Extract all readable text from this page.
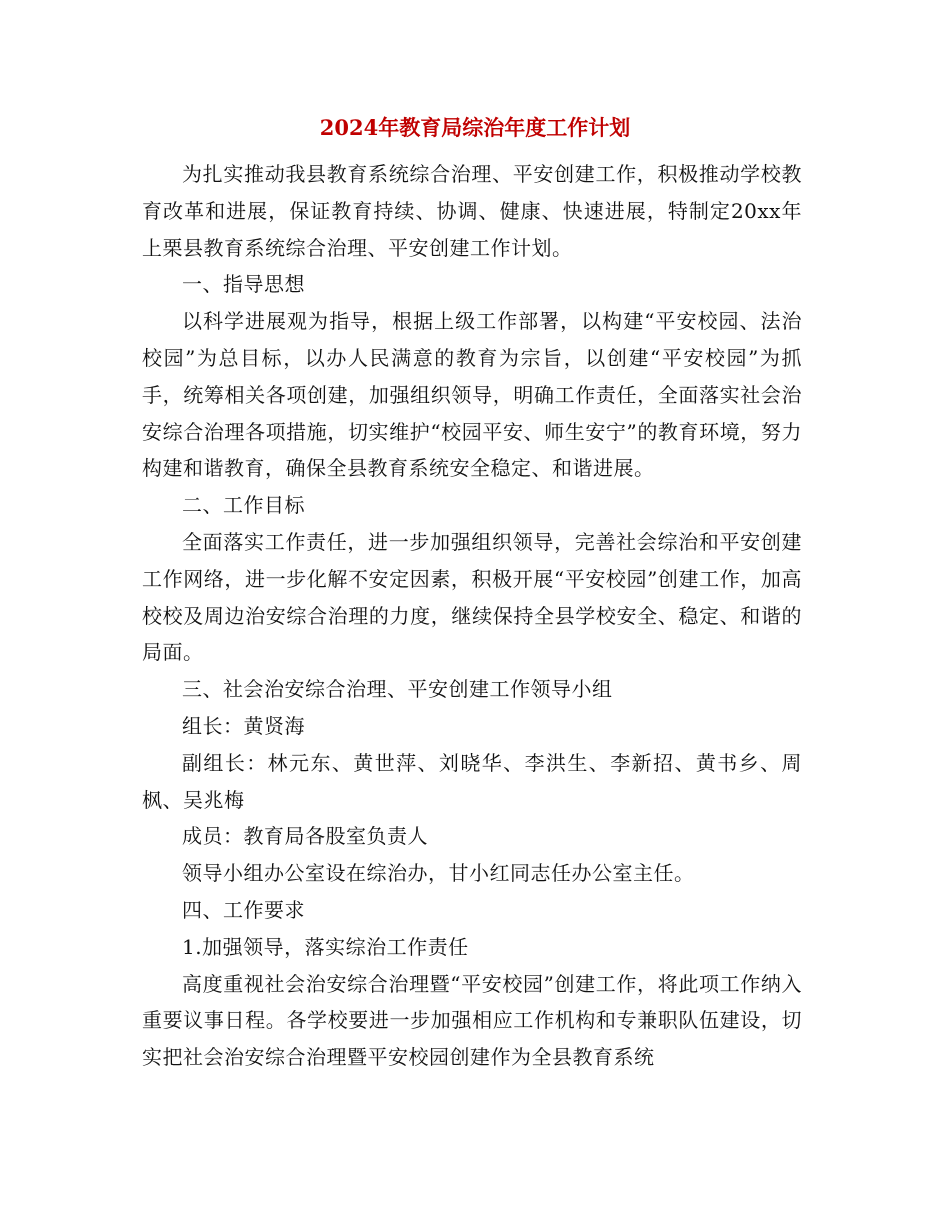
2024年教育局综治年度工作计划

为扎实推动我县教育系统综合治理、平安创建工作，积极推动学校教育改革和进展，保证教育持续、协调、健康、快速进展，特制定20xx年上栗县教育系统综合治理、平安创建工作计划。

一、指导思想

以科学进展观为指导，根据上级工作部署，以构建“平安校园、法治校园”为总目标，以办人民满意的教育为宗旨，以创建“平安校园”为抓手，统筹相关各项创建，加强组织领导，明确工作责任，全面落实社会治安综合治理各项措施，切实维护“校园平安、师生安宁”的教育环境，努力构建和谐教育，确保全县教育系统安全稳定、和谐进展。

二、工作目标

全面落实工作责任，进一步加强组织领导，完善社会综治和平安创建工作网络，进一步化解不安定因素，积极开展“平安校园”创建工作，加高校校及周边治安综合治理的力度，继续保持全县学校安全、稳定、和谐的局面。

三、社会治安综合治理、平安创建工作领导小组

组长：黄贤海

副组长：林元东、黄世萍、刘晓华、李洪生、李新招、黄书乡、周枫、吴兆梅

成员：教育局各股室负责人

领导小组办公室设在综治办，甘小红同志任办公室主任。

四、工作要求

1.加强领导，落实综治工作责任

高度重视社会治安综合治理暨“平安校园”创建工作，将此项工作纳入重要议事日程。各学校要进一步加强相应工作机构和专兼职队伍建设，切实把社会治安综合治理暨平安校园创建作为全县教育系统
